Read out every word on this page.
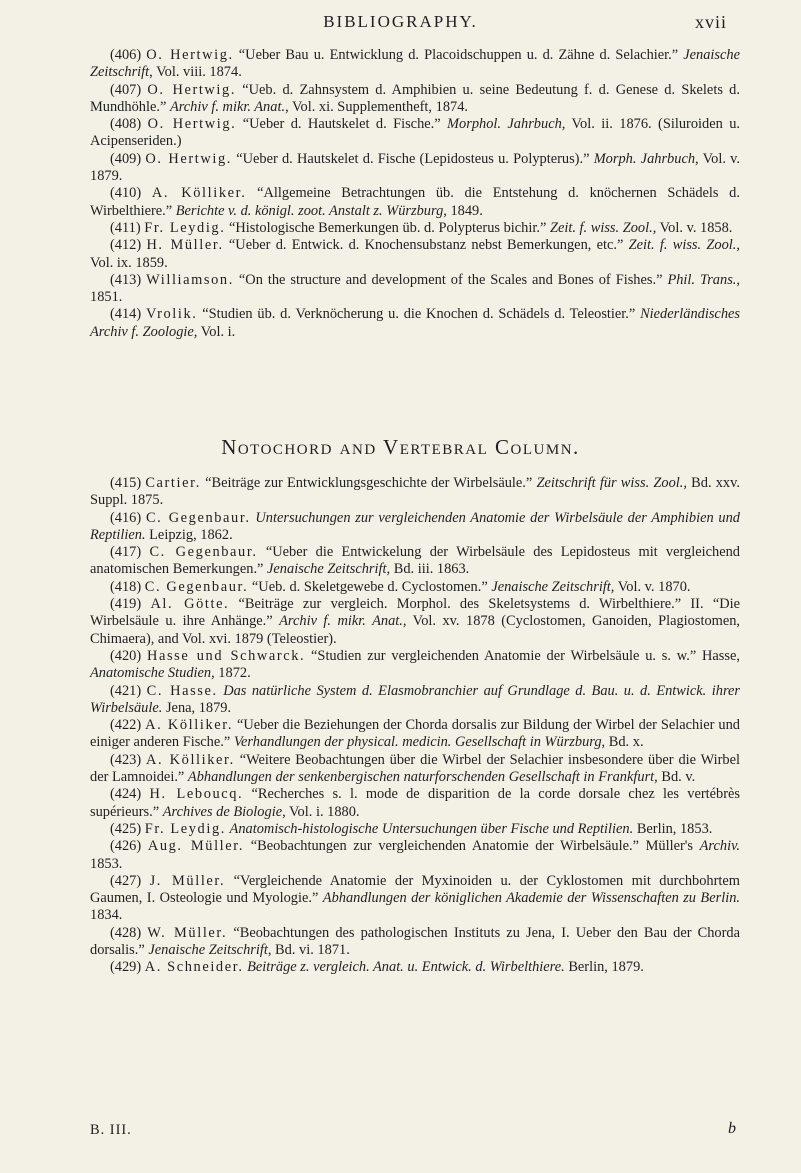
BIBLIOGRAPHY.	xvii

(406) O. Hertwig. “Ueber Bau u. Entwicklung d. Placoidschuppen u. d. Zähne d. Selachier.” Jenaische Zeitschrift, Vol. viii. 1874.

(407) O. Hertwig. “Ueb. d. Zahnsystem d. Amphibien u. seine Bedeutung f. d. Genese d. Skelets d. Mundhöhle.” Archiv f. mikr. Anat., Vol. xi. Supplementheft, 1874.

(408) O. Hertwig. “Ueber d. Hautskelet d. Fische.” Morphol. Jahrbuch, Vol. ii. 1876. (Siluroiden u. Acipenseriden.)

(409) O. Hertwig. “Ueber d. Hautskelet d. Fische (Lepidosteus u. Polypterus).” Morph. Jahrbuch, Vol. v. 1879.

(410) A. Kölliker. “Allgemeine Betrachtungen üb. die Entstehung d. knöchernen Schädels d. Wirbelthiere.” Berichte v. d. königl. zoot. Anstalt z. Würzburg, 1849.

(411) Fr. Leydig. “Histologische Bemerkungen üb. d. Polypterus bichir.” Zeit. f. wiss. Zool., Vol. v. 1858.

(412) H. Müller. “Ueber d. Entwick. d. Knochensubstanz nebst Bemerkungen, etc.” Zeit. f. wiss. Zool., Vol. ix. 1859.

(413) Williamson. “On the structure and development of the Scales and Bones of Fishes.” Phil. Trans., 1851.

(414) Vrolik. “Studien üb. d. Verknöcherung u. die Knochen d. Schädels d. Teleostier.” Niederländisches Archiv f. Zoologie, Vol. i.

Notochord and Vertebral Column.

(415) Cartier. “Beiträge zur Entwicklungsgeschichte der Wirbelsäule.” Zeitschrift für wiss. Zool., Bd. xxv. Suppl. 1875.

(416) C. Gegenbaur. Untersuchungen zur vergleichenden Anatomie der Wirbelsäule der Amphibien und Reptilien. Leipzig, 1862.

(417) C. Gegenbaur. “Ueber die Entwickelung der Wirbelsäule des Lepidosteus mit vergleichend anatomischen Bemerkungen.” Jenaische Zeitschrift, Bd. iii. 1863.

(418) C. Gegenbaur. “Ueb. d. Skeletgewebe d. Cyclostomen.” Jenaische Zeitschrift, Vol. v. 1870.

(419) Al. Götte. “Beiträge zur vergleich. Morphol. des Skeletsystems d. Wirbelthiere.” II. “Die Wirbelsäule u. ihre Anhänge.” Archiv f. mikr. Anat., Vol. xv. 1878 (Cyclostomen, Ganoiden, Plagiostomen, Chimaera), and Vol. xvi. 1879 (Teleostier).

(420) Hasse und Schwarck. “Studien zur vergleichenden Anatomie der Wirbelsäule u. s. w.” Hasse, Anatomische Studien, 1872.

(421) C. Hasse. Das natürliche System d. Elasmobranchier auf Grundlage d. Bau. u. d. Entwick. ihrer Wirbelsäule. Jena, 1879.

(422) A. Kölliker. “Ueber die Beziehungen der Chorda dorsalis zur Bildung der Wirbel der Selachier und einiger anderen Fische.” Verhandlungen der physical. medicin. Gesellschaft in Würzburg, Bd. x.

(423) A. Kölliker. “Weitere Beobachtungen über die Wirbel der Selachier insbesondere über die Wirbel der Lamnoidei.” Abhandlungen der senkenbergischen naturforschenden Gesellschaft in Frankfurt, Bd. v.

(424) H. Leboucq. “Recherches s. l. mode de disparition de la corde dorsale chez les vertébrès supérieurs.” Archives de Biologie, Vol. i. 1880.

(425) Fr. Leydig. Anatomisch-histologische Untersuchungen über Fische und Reptilien. Berlin, 1853.

(426) Aug. Müller. “Beobachtungen zur vergleichenden Anatomie der Wirbelsäule.” Müller's Archiv. 1853.

(427) J. Müller. “Vergleichende Anatomie der Myxinoiden u. der Cyklostomen mit durchbohrtem Gaumen, I. Osteologie und Myologie.” Abhandlungen der königlichen Akademie der Wissenschaften zu Berlin. 1834.

(428) W. Müller. “Beobachtungen des pathologischen Instituts zu Jena, I. Ueber den Bau der Chorda dorsalis.” Jenaische Zeitschrift, Bd. vi. 1871.

(429) A. Schneider. Beiträge z. vergleich. Anat. u. Entwick. d. Wirbelthiere. Berlin, 1879.

B. III.	b
